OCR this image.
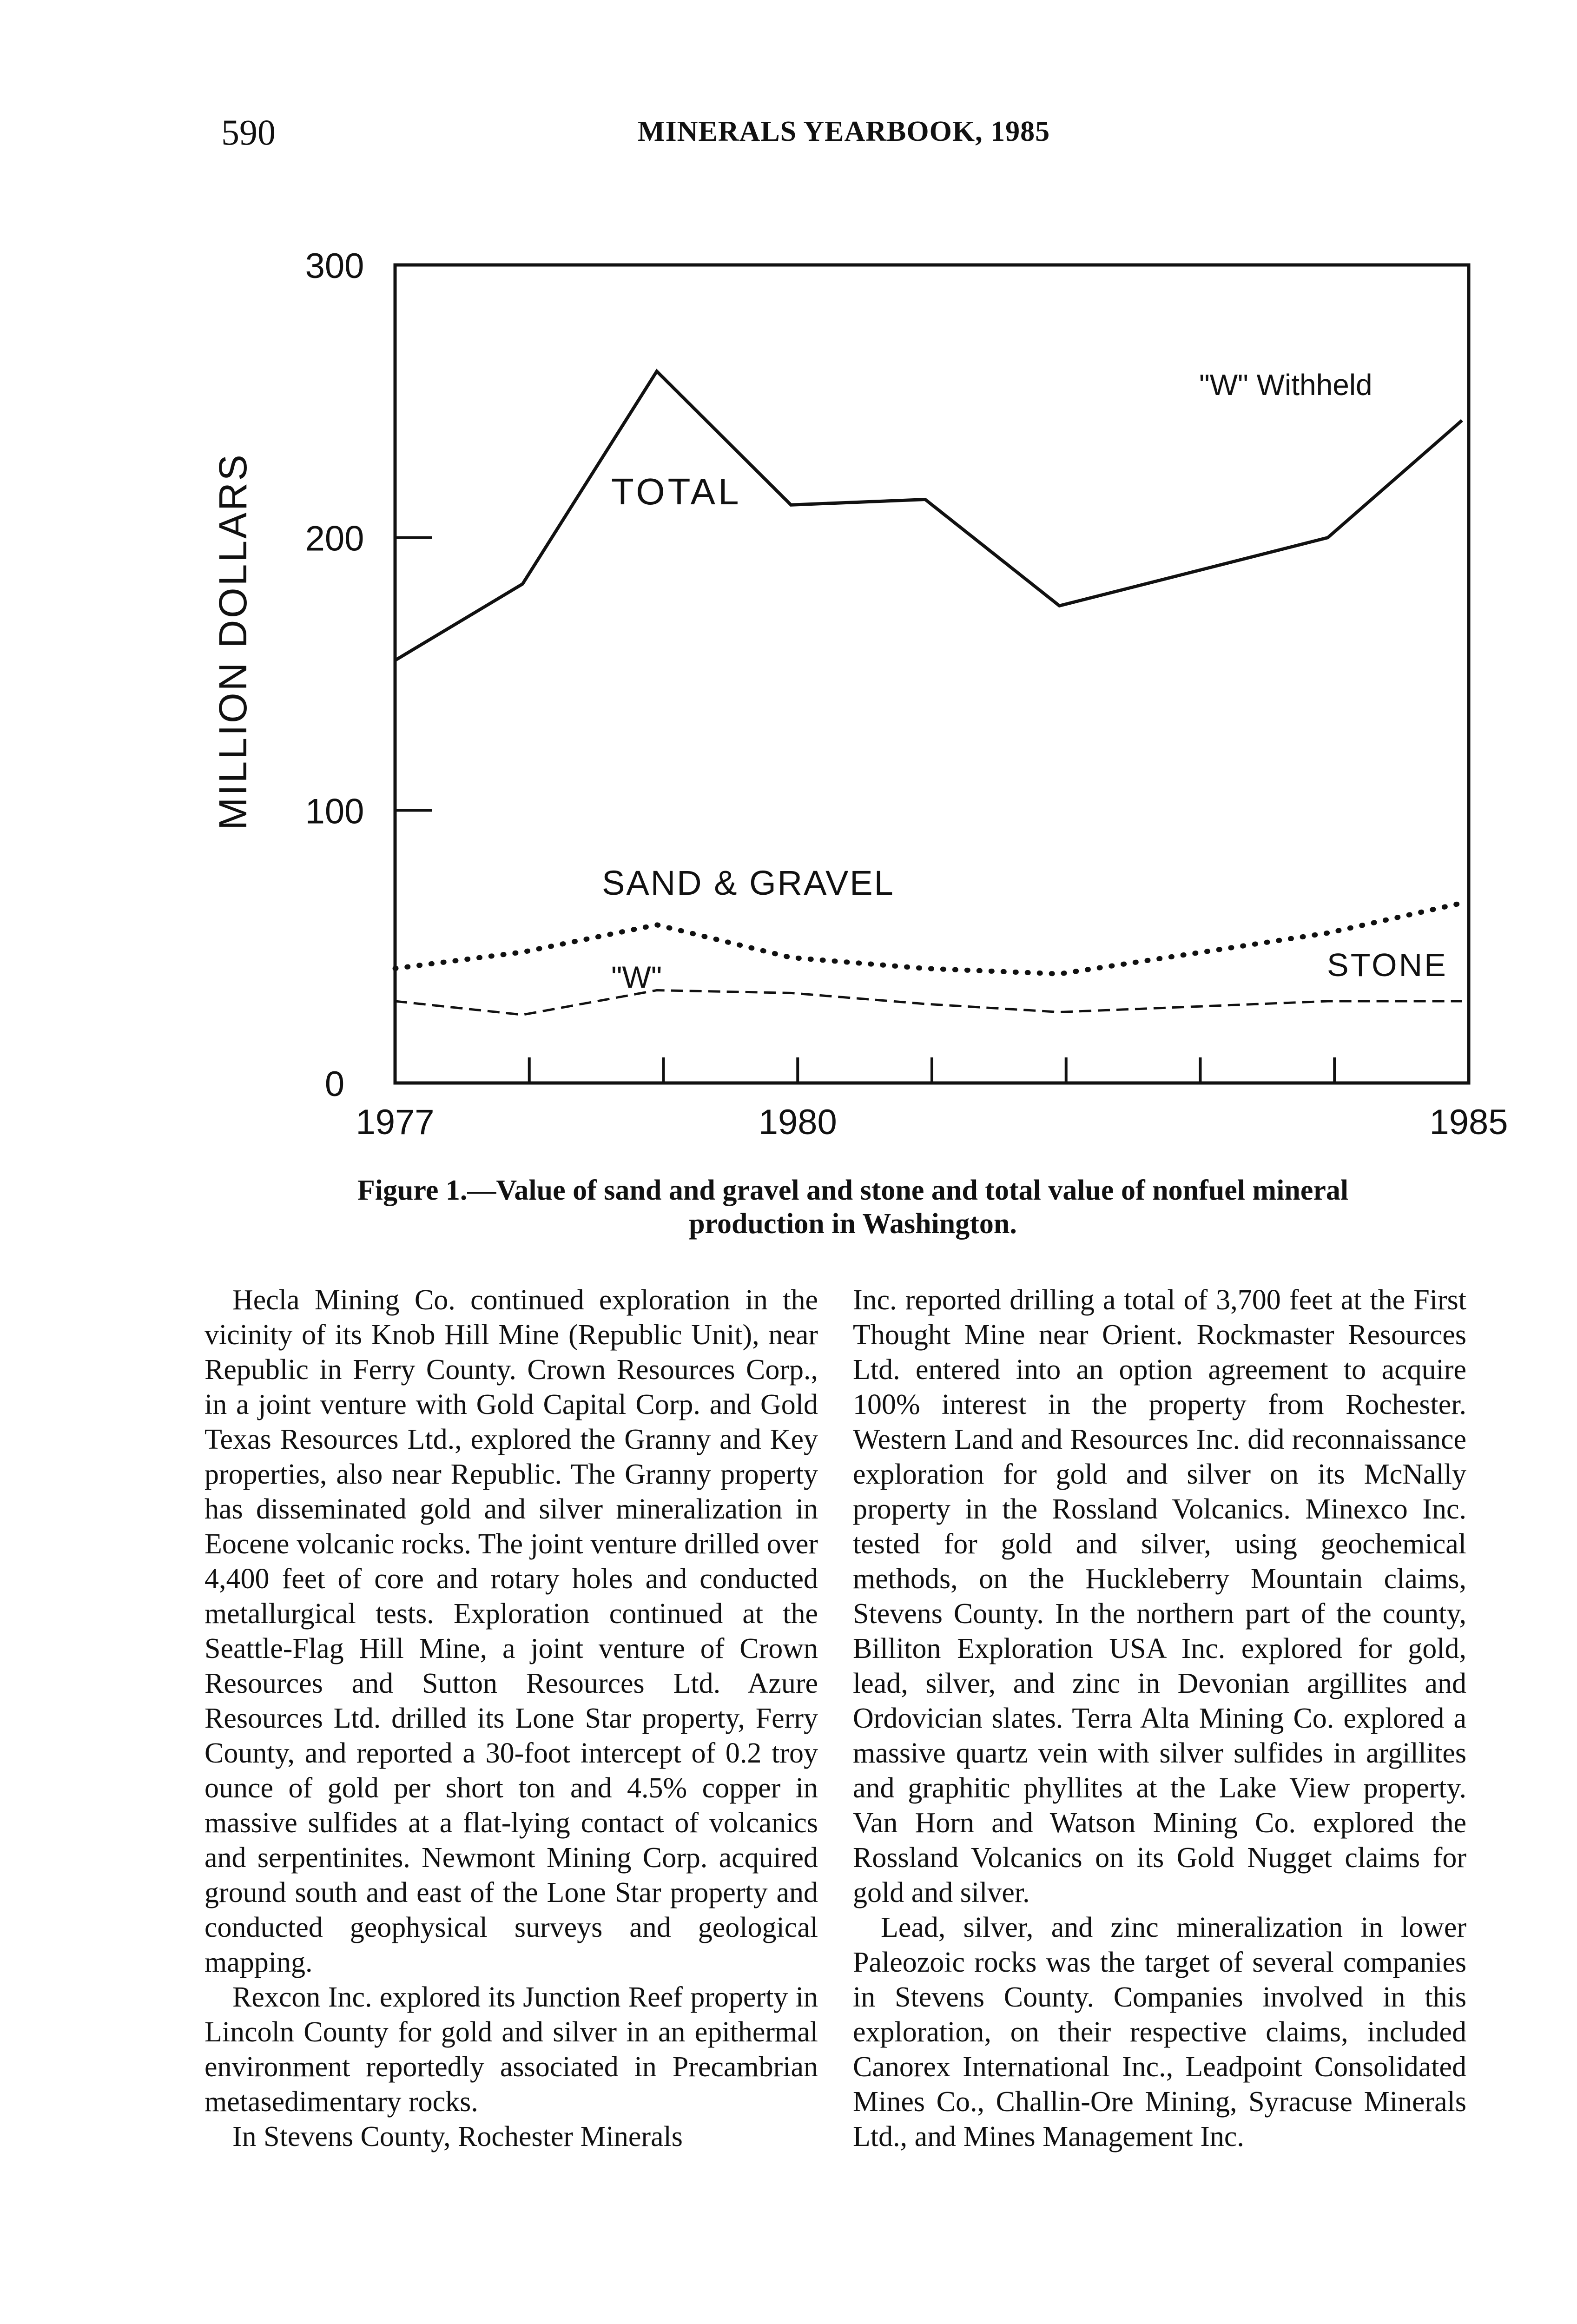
590	MINERALS YEARBOOK, 1985
0
100
200
300
1977	1980	1985
MILLION DOLLARS
"W" Withheld
TOTAL
SAND & GRAVEL
"W"	STONE
Figure 1.—Value of sand and gravel and stone and total value of nonfuel mineral
production in Washington.

Hecla Mining Co. continued exploration in the vicinity of its Knob Hill Mine (Republic Unit), near Republic in Ferry County. Crown Resources Corp., in a joint venture with Gold Capital Corp. and Gold Texas Resources Ltd., explored the Granny and Key properties, also near Republic. The Granny property has disseminated gold and silver mineralization in Eocene volcanic rocks. The joint venture drilled over 4,400 feet of core and rotary holes and conducted metallurgical tests. Exploration continued at the Seattle-Flag Hill Mine, a joint venture of Crown Resources and Sutton Resources Ltd. Azure Resources Ltd. drilled its Lone Star property, Ferry County, and reported a 30-foot intercept of 0.2 troy ounce of gold per short ton and 4.5% copper in massive sulfides at a flat-lying contact of volcanics and serpentinites. Newmont Mining Corp. acquired ground south and east of the Lone Star property and conducted geophysical surveys and geological mapping.

Rexcon Inc. explored its Junction Reef property in Lincoln County for gold and silver in an epithermal environment reportedly associated in Precambrian metasedimentary rocks.

In Stevens County, Rochester Minerals

Inc. reported drilling a total of 3,700 feet at the First Thought Mine near Orient. Rockmaster Resources Ltd. entered into an option agreement to acquire 100% interest in the property from Rochester. Western Land and Resources Inc. did reconnaissance exploration for gold and silver on its McNally property in the Rossland Volcanics. Minexco Inc. tested for gold and silver, using geochemical methods, on the Huckleberry Mountain claims, Stevens County. In the northern part of the county, Billiton Exploration USA Inc. explored for gold, lead, silver, and zinc in Devonian argillites and Ordovician slates. Terra Alta Mining Co. explored a massive quartz vein with silver sulfides in argillites and graphitic phyllites at the Lake View property. Van Horn and Watson Mining Co. explored the Rossland Volcanics on its Gold Nugget claims for gold and silver.

Lead, silver, and zinc mineralization in lower Paleozoic rocks was the target of several companies in Stevens County. Companies involved in this exploration, on their respective claims, included Canorex International Inc., Leadpoint Consolidated Mines Co., Challin-Ore Mining, Syracuse Minerals Ltd., and Mines Management Inc.
